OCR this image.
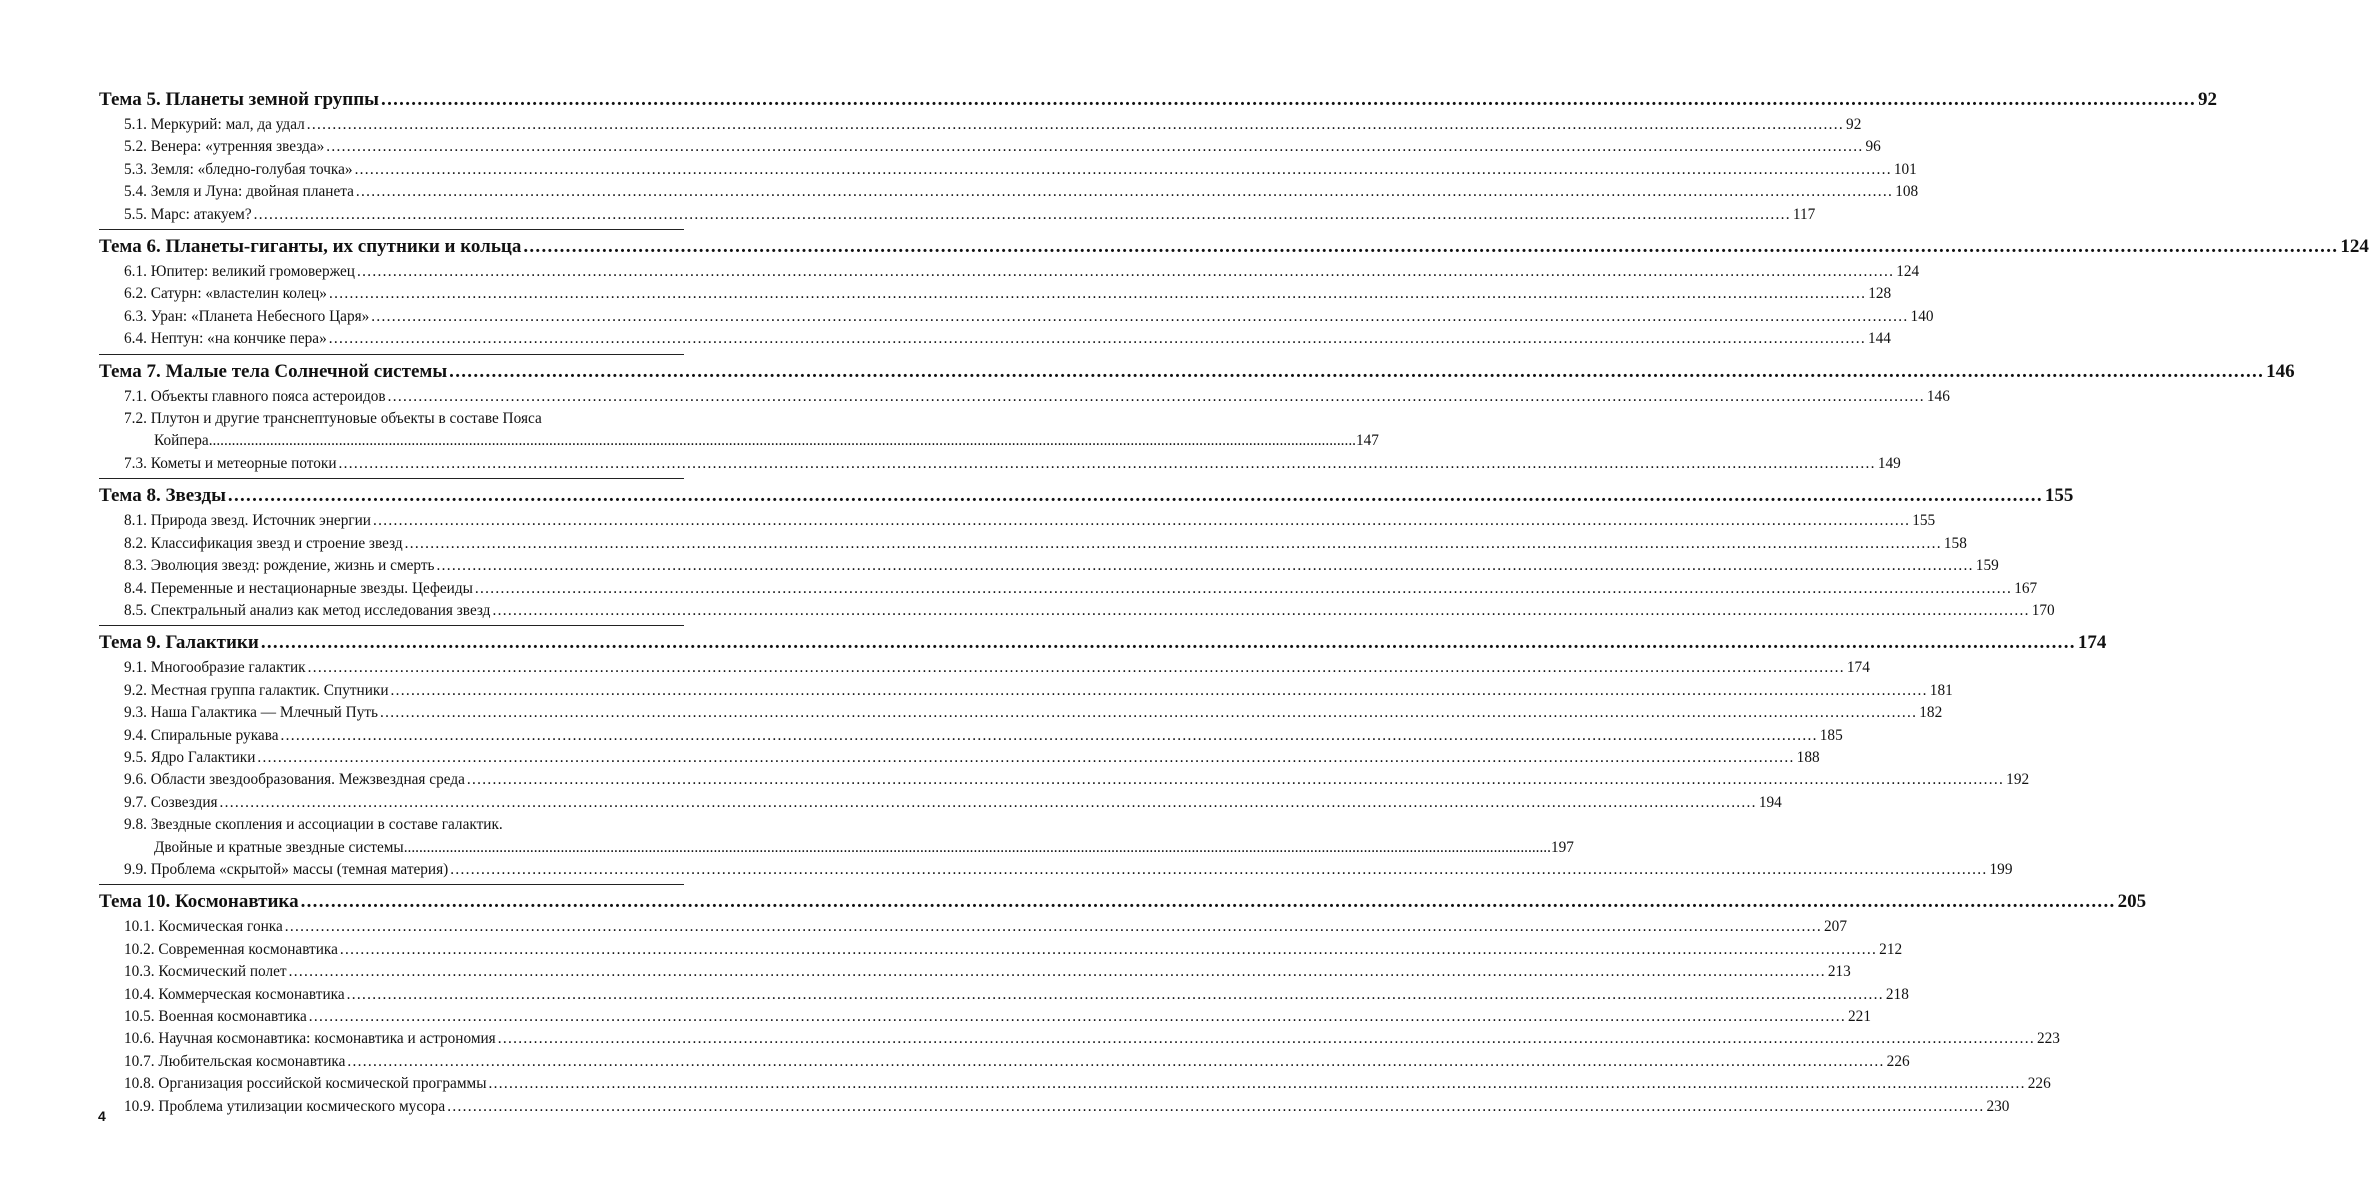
Тема 5. Планеты земной группы ............................................................................................................................................................................................................................................................................................................ 92
5.1. Меркурий: мал, да удал ............................................................................................................................................................................................................................................................................................................ 92
5.2. Венера: «утренняя звезда» ............................................................................................................................................................................................................................................................................................................ 96
5.3. Земля: «бледно-голубая точка» ............................................................................................................................................................................................................................................................................................................ 101
5.4. Земля и Луна: двойная планета ............................................................................................................................................................................................................................................................................................................ 108
5.5. Марс: атакуем? ............................................................................................................................................................................................................................................................................................................ 117
Тема 6. Планеты-гиганты, их спутники и кольца ............................................................................................................................................................................................................................................................................................................ 124
6.1. Юпитер: великий громовержец ............................................................................................................................................................................................................................................................................................................ 124
6.2. Сатурн: «властелин колец» ............................................................................................................................................................................................................................................................................................................ 128
6.3. Уран: «Планета Небесного Царя» ............................................................................................................................................................................................................................................................................................................ 140
6.4. Нептун: «на кончике пера» ............................................................................................................................................................................................................................................................................................................ 144
Тема 7. Малые тела Солнечной системы ............................................................................................................................................................................................................................................................................................................ 146
7.1. Объекты главного пояса астероидов ............................................................................................................................................................................................................................................................................................................ 146
7.2. Плутон и другие транснептуновые объекты в составе Пояса
Койпера ............................................................................................................................................................................................................................................................................................................ 147
7.3. Кометы и метеорные потоки ............................................................................................................................................................................................................................................................................................................ 149
Тема 8. Звезды ............................................................................................................................................................................................................................................................................................................ 155
8.1. Природа звезд. Источник энергии ............................................................................................................................................................................................................................................................................................................ 155
8.2. Классификация звезд и строение звезд ............................................................................................................................................................................................................................................................................................................ 158
8.3. Эволюция звезд: рождение, жизнь и смерть ............................................................................................................................................................................................................................................................................................................ 159
8.4. Переменные и нестационарные звезды. Цефеиды ............................................................................................................................................................................................................................................................................................................ 167
8.5. Спектральный анализ как метод исследования звезд ............................................................................................................................................................................................................................................................................................................ 170
Тема 9. Галактики ............................................................................................................................................................................................................................................................................................................ 174
9.1. Многообразие галактик ............................................................................................................................................................................................................................................................................................................ 174
9.2. Местная группа галактик. Спутники ............................................................................................................................................................................................................................................................................................................ 181
9.3. Наша Галактика — Млечный Путь ............................................................................................................................................................................................................................................................................................................ 182
9.4. Спиральные рукава ............................................................................................................................................................................................................................................................................................................ 185
9.5. Ядро Галактики ............................................................................................................................................................................................................................................................................................................ 188
9.6. Области звездообразования. Межзвездная среда ............................................................................................................................................................................................................................................................................................................ 192
9.7. Созвездия ............................................................................................................................................................................................................................................................................................................ 194
9.8. Звездные скопления и ассоциации в составе галактик.
Двойные и кратные звездные системы ............................................................................................................................................................................................................................................................................................................ 197
9.9. Проблема «скрытой» массы (темная материя) ............................................................................................................................................................................................................................................................................................................ 199
Тема 10. Космонавтика ............................................................................................................................................................................................................................................................................................................ 205
10.1. Космическая гонка ............................................................................................................................................................................................................................................................................................................ 207
10.2. Современная космонавтика ............................................................................................................................................................................................................................................................................................................ 212
10.3. Космический полет ............................................................................................................................................................................................................................................................................................................ 213
10.4. Коммерческая космонавтика ............................................................................................................................................................................................................................................................................................................ 218
10.5. Военная космонавтика ............................................................................................................................................................................................................................................................................................................ 221
10.6. Научная космонавтика: космонавтика и астрономия ............................................................................................................................................................................................................................................................................................................ 223
10.7. Любительская космонавтика ............................................................................................................................................................................................................................................................................................................ 226
10.8. Организация российской космической программы ............................................................................................................................................................................................................................................................................................................ 226
10.9. Проблема утилизации космического мусора ............................................................................................................................................................................................................................................................................................................ 230
4
